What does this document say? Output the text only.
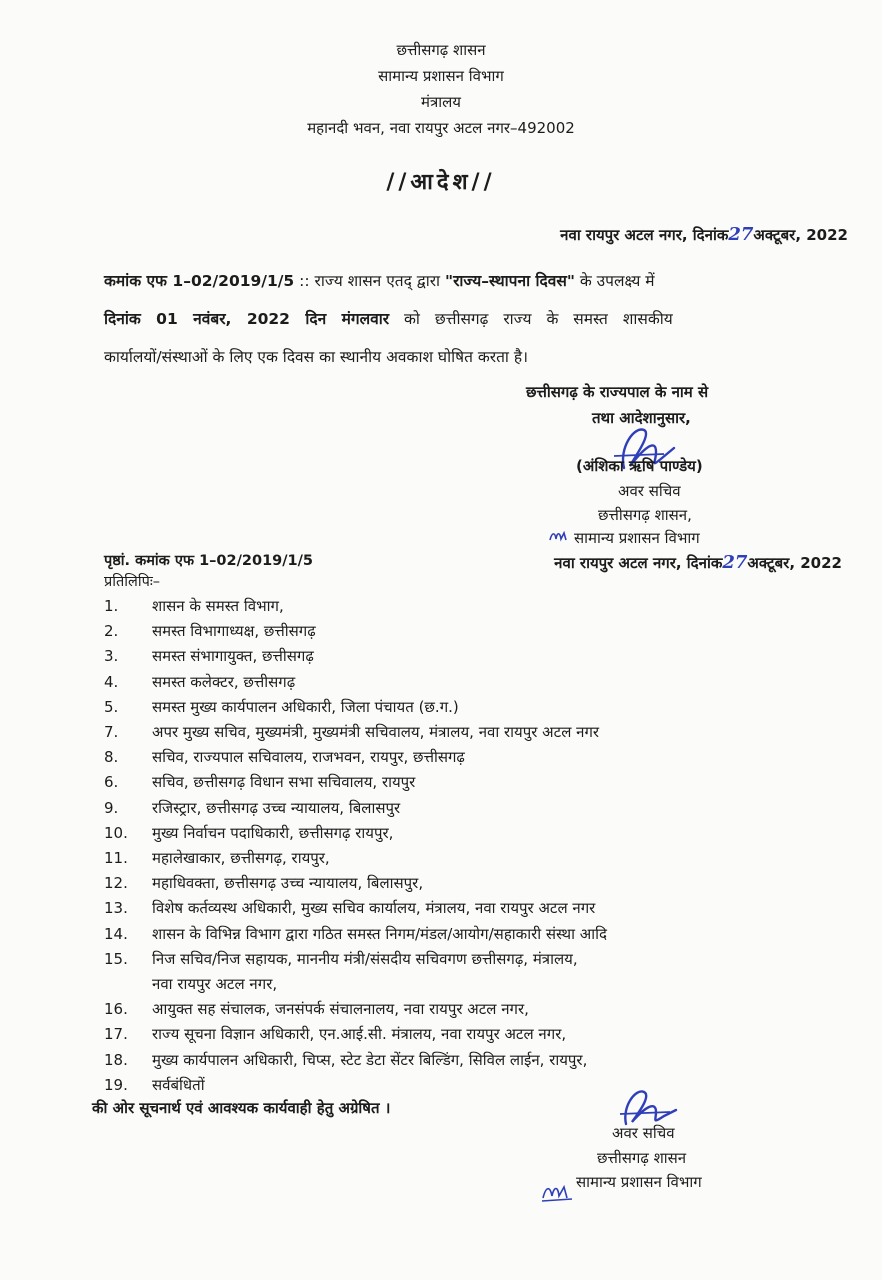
छत्तीसगढ़ शासन
सामान्य प्रशासन विभाग
मंत्रालय
महानदी भवन, नवा रायपुर अटल नगर–492002
//आदेश//
नवा रायपुर अटल नगर, दिनांक27अक्टूबर, 2022
कमांक एफ 1–02/2019/1/5 :: राज्य शासन एतद् द्वारा "राज्य–स्थापना दिवस" के उपलक्ष्य में
दिनांक 01 नवंबर, 2022 दिन मंगलवार को छत्तीसगढ़ राज्य के समस्त शासकीय
कार्यालयों/संस्थाओं के लिए एक दिवस का स्थानीय अवकाश घोषित करता है।
छत्तीसगढ़ के राज्यपाल के नाम से
तथा आदेशानुसार,
(अंशिका ऋषि पाण्डेय)
अवर सचिव
छत्तीसगढ़ शासन,
सामान्य प्रशासन विभाग
पृष्ठां. कमांक एफ 1–02/2019/1/5
प्रतिलिपिः–
नवा रायपुर अटल नगर, दिनांक27अक्टूबर, 2022
1. शासन के समस्त विभाग,
2. समस्त विभागाध्यक्ष, छत्तीसगढ़
3. समस्त संभागायुक्त, छत्तीसगढ़
4. समस्त कलेक्टर, छत्तीसगढ़
5. समस्त मुख्य कार्यपालन अधिकारी, जिला पंचायत (छ.ग.)
7. अपर मुख्य सचिव, मुख्यमंत्री, मुख्यमंत्री सचिवालय, मंत्रालय, नवा रायपुर अटल नगर
8. सचिव, राज्यपाल सचिवालय, राजभवन, रायपुर, छत्तीसगढ़
6. सचिव, छत्तीसगढ़ विधान सभा सचिवालय, रायपुर
9. रजिस्ट्रार, छत्तीसगढ़ उच्च न्यायालय, बिलासपुर
10. मुख्य निर्वाचन पदाधिकारी, छत्तीसगढ़ रायपुर,
11. महालेखाकार, छत्तीसगढ़, रायपुर,
12. महाधिवक्ता, छत्तीसगढ़ उच्च न्यायालय, बिलासपुर,
13. विशेष कर्तव्यस्थ अधिकारी, मुख्य सचिव कार्यालय, मंत्रालय, नवा रायपुर अटल नगर
14. शासन के विभिन्न विभाग द्वारा गठित समस्त निगम/मंडल/आयोग/सहाकारी संस्था आदि
15. निज सचिव/निज सहायक, माननीय मंत्री/संसदीय सचिवगण छत्तीसगढ़, मंत्रालय,
नवा रायपुर अटल नगर,
16. आयुक्त सह संचालक, जनसंपर्क संचालनालय, नवा रायपुर अटल नगर,
17. राज्य सूचना विज्ञान अधिकारी, एन.आई.सी. मंत्रालय, नवा रायपुर अटल नगर,
18. मुख्य कार्यपालन अधिकारी, चिप्स, स्टेट डेटा सेंटर बिल्डिंग, सिविल लाईन, रायपुर,
19. सर्वबंधितों
की ओर सूचनार्थ एवं आवश्यक कार्यवाही हेतु अग्रेषित ।
अवर सचिव
छत्तीसगढ़ शासन
सामान्य प्रशासन विभाग
